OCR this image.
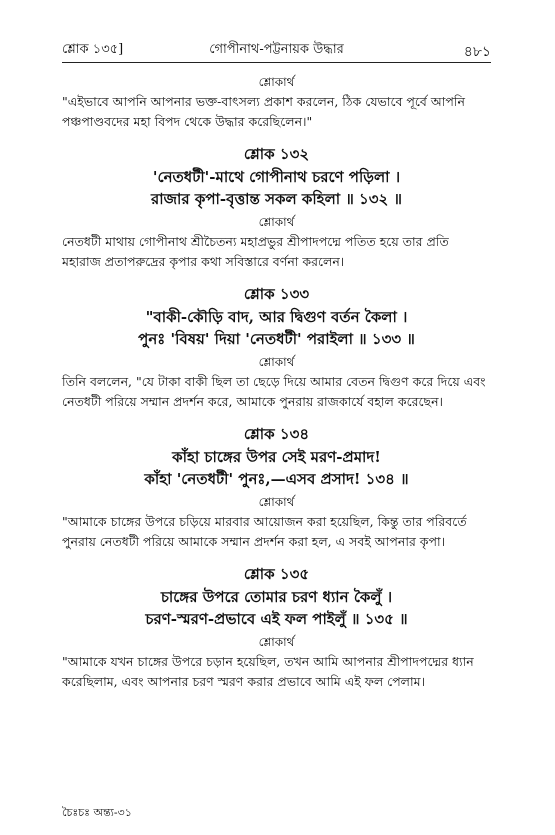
শ্লোক ১৩৫]	গোপীনাথ-পট্টনায়ক উদ্ধার	৪৮১
শ্লোকার্থ
"এইভাবে আপনি আপনার ভক্ত-বাৎসল্য প্রকাশ করলেন, ঠিক যেভাবে পূর্বে আপনি পঞ্চপাণ্ডবদের মহা বিপদ থেকে উদ্ধার করেছিলেন।"
শ্লোক ১৩২
'নেতধটী'-মাথে গোপীনাথ চরণে পড়িলা ।
রাজার কৃপা-বৃত্তান্ত সকল কহিলা ॥ ১৩২ ॥
শ্লোকার্থ
নেতধটী মাথায় গোপীনাথ শ্রীচৈতন্য মহাপ্রভুর শ্রীপাদপদ্মে পতিত হয়ে তার প্রতি মহারাজ প্রতাপরুদ্রের কৃপার কথা সবিস্তারে বর্ণনা করলেন।
শ্লোক ১৩৩
"বাকী-কৌড়ি বাদ, আর দ্বিগুণ বর্তন কৈলা ।
পুনঃ 'বিষয়' দিয়া 'নেতধটী' পরাইলা ॥ ১৩৩ ॥
শ্লোকার্থ
তিনি বললেন, "যে টাকা বাকী ছিল তা ছেড়ে দিয়ে আমার বেতন দ্বিগুণ করে দিয়ে এবং নেতধটী পরিয়ে সম্মান প্রদর্শন করে, আমাকে পুনরায় রাজকার্যে বহাল করেছেন।
শ্লোক ১৩৪
কাঁহা চাঙ্গের উপর সেই মরণ-প্রমাদ!
কাঁহা 'নেতধটী' পুনঃ,—এসব প্রসাদ! ১৩৪ ॥
শ্লোকার্থ
"আমাকে চাঙ্গের উপরে চড়িয়ে মারবার আয়োজন করা হয়েছিল, কিন্তু তার পরিবর্তে পুনরায় নেতধটী পরিয়ে আমাকে সম্মান প্রদর্শন করা হল, এ সবই আপনার কৃপা।
শ্লোক ১৩৫
চাঙ্গের উপরে তোমার চরণ ধ্যান কৈলুঁ ।
চরণ-স্মরণ-প্রভাবে এই ফল পাইলুঁ ॥ ১৩৫ ॥
শ্লোকার্থ
"আমাকে যখন চাঙ্গের উপরে চড়ান হয়েছিল, তখন আমি আপনার শ্রীপাদপদ্মের ধ্যান করেছিলাম, এবং আপনার চরণ স্মরণ করার প্রভাবে আমি এই ফল পেলাম।
চৈঃচঃ অন্ত্য-৩১
